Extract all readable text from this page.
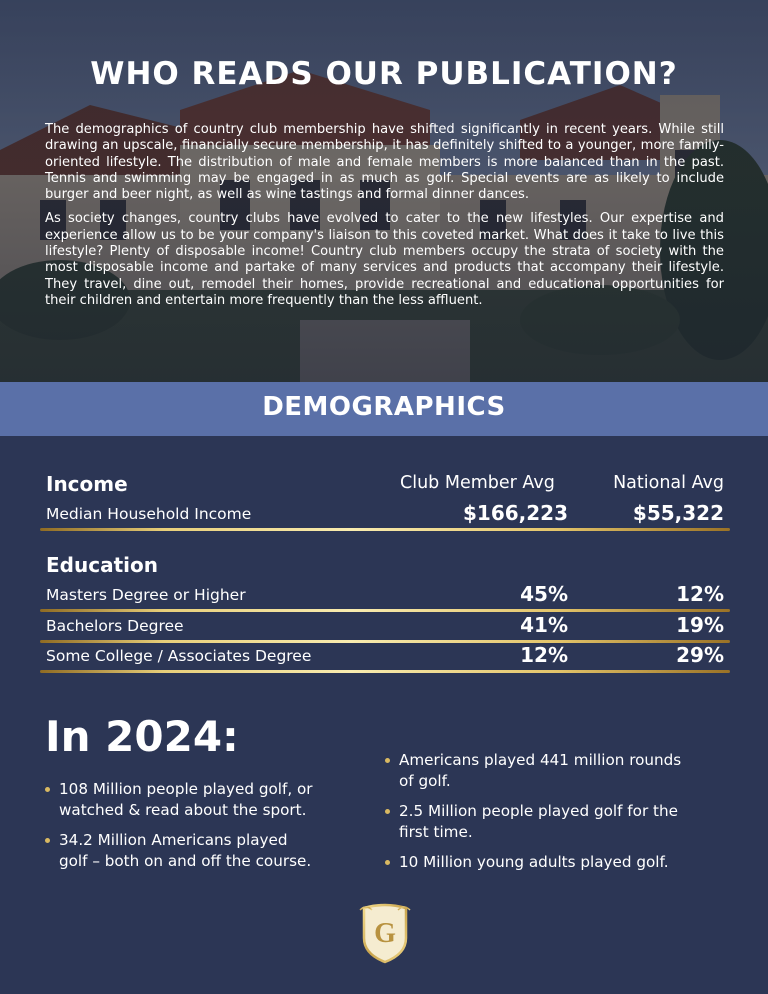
WHO READS OUR PUBLICATION?

The demographics of country club membership have shifted significantly in recent years. While still drawing an upscale, financially secure membership, it has definitely shifted to a younger, more family-oriented lifestyle. The distribution of male and female members is more balanced than in the past. Tennis and swimming may be engaged in as much as golf. Special events are as likely to include burger and beer night, as well as wine tastings and formal dinner dances.

As society changes, country clubs have evolved to cater to the new lifestyles. Our expertise and experience allow us to be your company's liaison to this coveted market. What does it take to live this lifestyle? Plenty of disposable income! Country club members occupy the strata of society with the most disposable income and partake of many services and products that accompany their lifestyle. They travel, dine out, remodel their homes, provide recreational and educational opportunities for their children and entertain more frequently than the less affluent.

DEMOGRAPHICS
Income	Club Member Avg	National Avg
Median Household Income	$166,223	$55,322
Education
Masters Degree or Higher	45%	12%
Bachelors Degree	41%	19%
Some College / Associates Degree	12%	29%
In 2024:
108 Million people played golf, or
watched & read about the sport.
34.2 Million Americans played
golf – both on and off the course.
Americans played 441 million rounds
of golf.
2.5 Million people played golf for the
first time.
10 Million young adults played golf.
G
